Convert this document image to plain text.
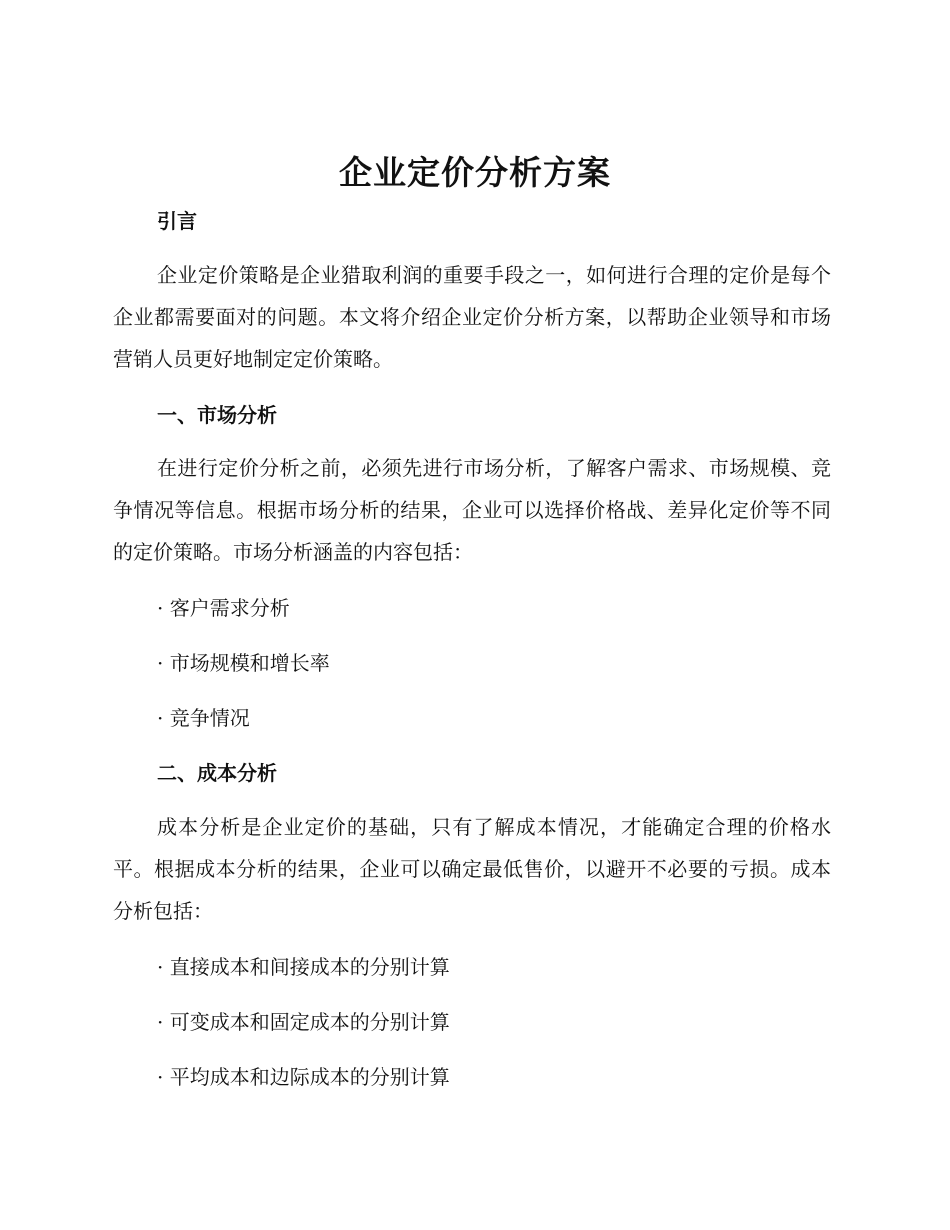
企业定价分析方案
引言
企业定价策略是企业猎取利润的重要手段之一，如何进行合理的定价是每个企业都需要面对的问题。本文将介绍企业定价分析方案，以帮助企业领导和市场营销人员更好地制定定价策略。
一、市场分析
在进行定价分析之前，必须先进行市场分析，了解客户需求、市场规模、竞争情况等信息。根据市场分析的结果，企业可以选择价格战、差异化定价等不同的定价策略。市场分析涵盖的内容包括：
· 客户需求分析
· 市场规模和增长率
· 竞争情况
二、成本分析
成本分析是企业定价的基础，只有了解成本情况，才能确定合理的价格水平。根据成本分析的结果，企业可以确定最低售价，以避开不必要的亏损。成本分析包括：
· 直接成本和间接成本的分别计算
· 可变成本和固定成本的分别计算
· 平均成本和边际成本的分别计算
